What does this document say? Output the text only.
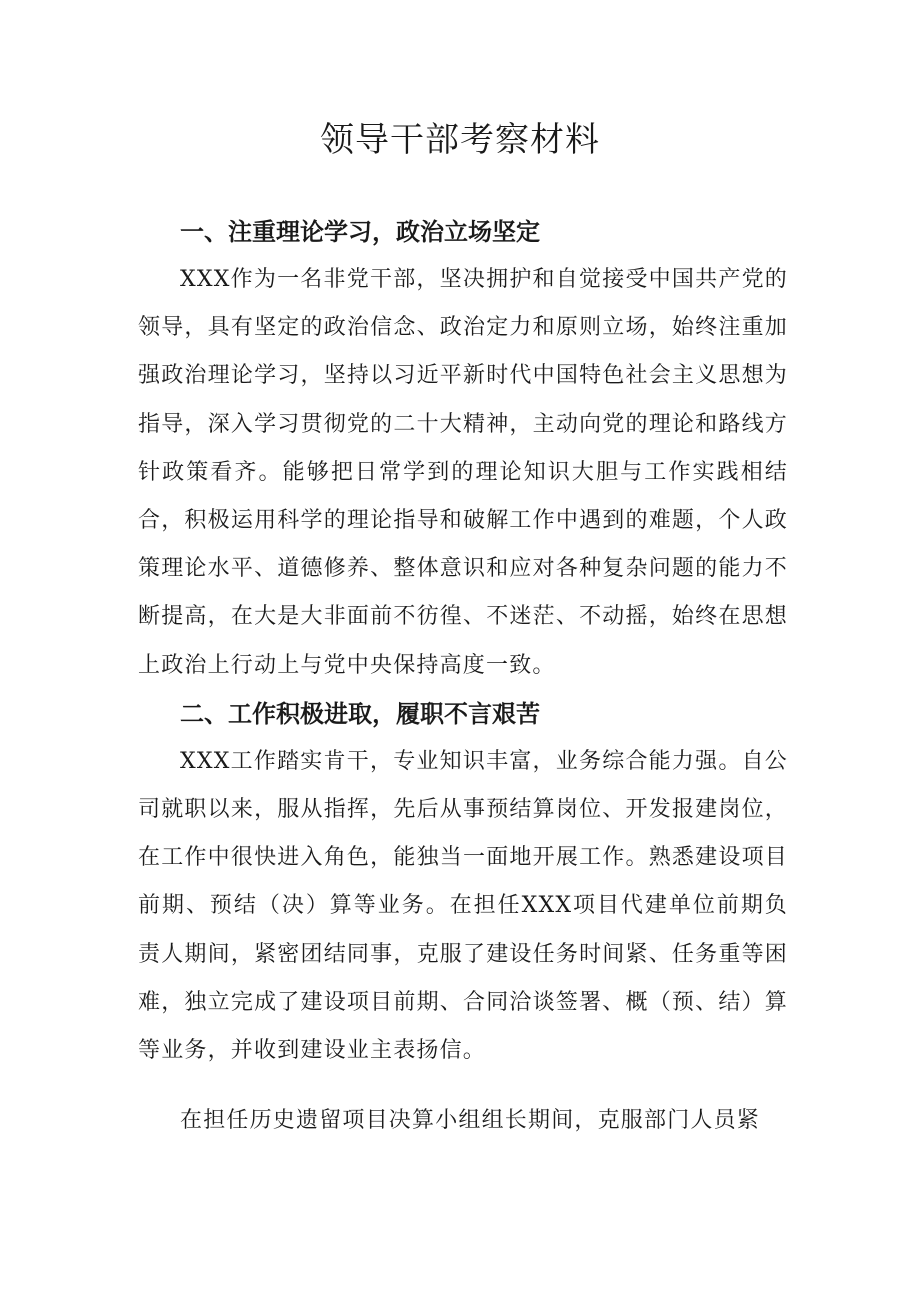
领导干部考察材料
一、注重理论学习，政治立场坚定

XXX作为一名非党干部，坚决拥护和自觉接受中国共产党的领导，具有坚定的政治信念、政治定力和原则立场，始终注重加强政治理论学习，坚持以习近平新时代中国特色社会主义思想为指导，深入学习贯彻党的二十大精神，主动向党的理论和路线方针政策看齐。能够把日常学到的理论知识大胆与工作实践相结合，积极运用科学的理论指导和破解工作中遇到的难题，个人政策理论水平、道德修养、整体意识和应对各种复杂问题的能力不断提高，在大是大非面前不彷徨、不迷茫、不动摇，始终在思想上政治上行动上与党中央保持高度一致。

二、工作积极进取，履职不言艰苦

XXX工作踏实肯干，专业知识丰富，业务综合能力强。自公司就职以来，服从指挥，先后从事预结算岗位、开发报建岗位，在工作中很快进入角色，能独当一面地开展工作。熟悉建设项目前期、预结（决）算等业务。在担任XXX项目代建单位前期负责人期间，紧密团结同事，克服了建设任务时间紧、任务重等困难，独立完成了建设项目前期、合同洽谈签署、概（预、结）算等业务，并收到建设业主表扬信。

在担任历史遗留项目决算小组组长期间，克服部门人员紧
